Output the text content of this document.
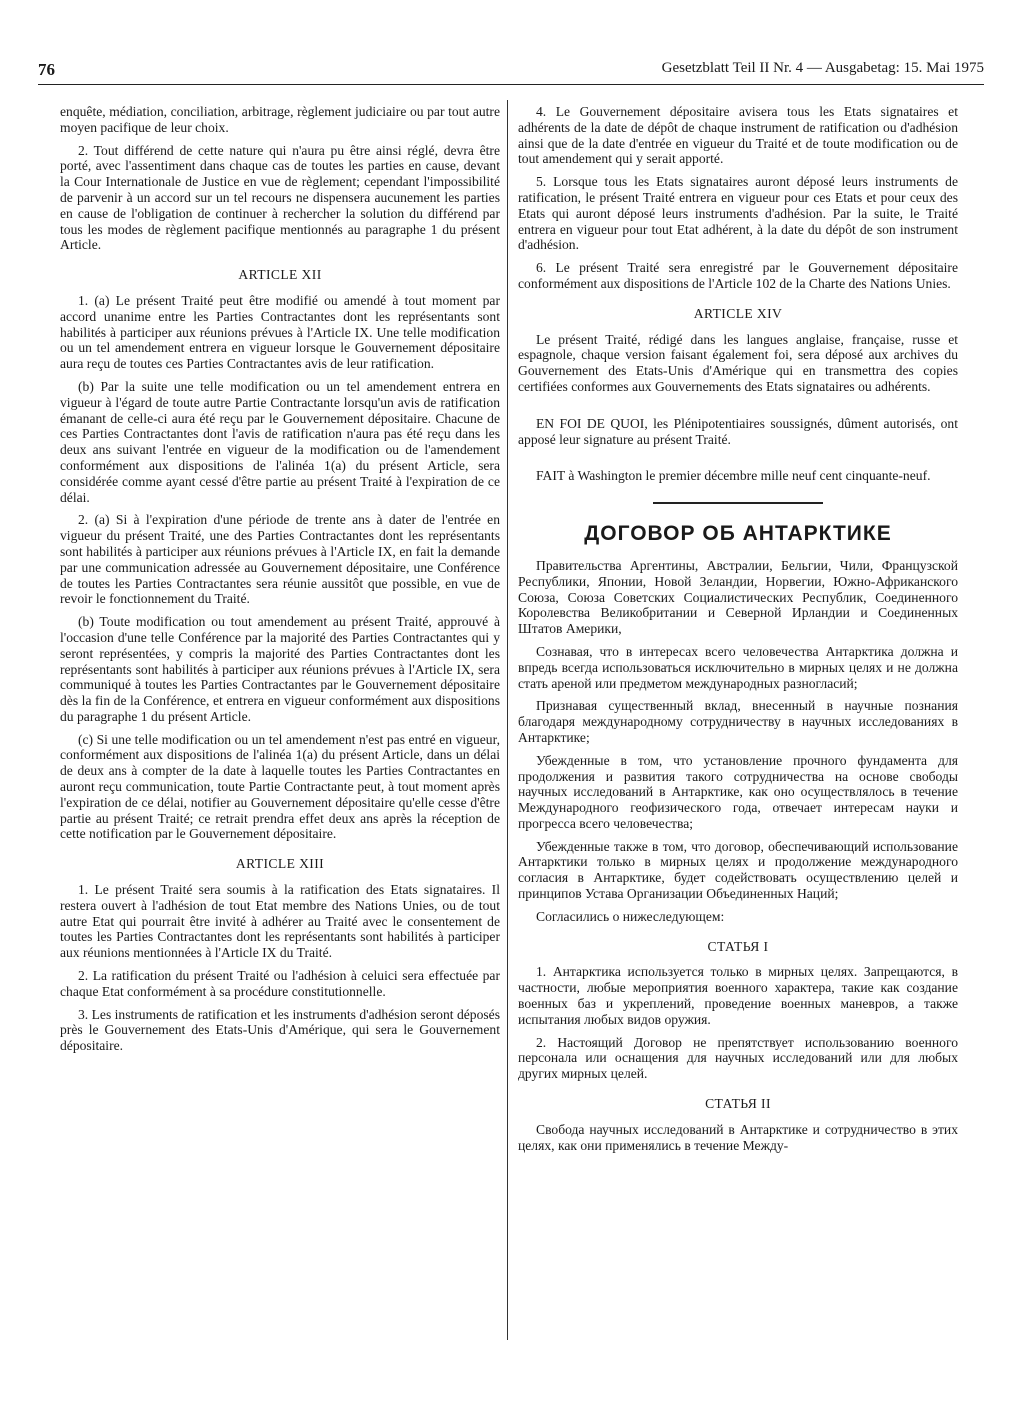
76	Gesetzblatt Teil II Nr. 4 — Ausgabetag: 15. Mai 1975

enquête, médiation, conciliation, arbitrage, règlement judiciaire ou par tout autre moyen pacifique de leur choix.

2. Tout différend de cette nature qui n'aura pu être ainsi réglé, devra être porté, avec l'assentiment dans chaque cas de toutes les parties en cause, devant la Cour Internationale de Justice en vue de règlement; cependant l'impossibilité de parvenir à un accord sur un tel recours ne dispensera aucunement les parties en cause de l'obligation de continuer à rechercher la solution du différend par tous les modes de règlement pacifique mentionnés au paragraphe 1 du présent Article.

ARTICLE XII

1. (a) Le présent Traité peut être modifié ou amendé à tout moment par accord unanime entre les Parties Contractantes dont les représentants sont habilités à participer aux réunions prévues à l'Article IX. Une telle modification ou un tel amendement entrera en vigueur lorsque le Gouvernement dépositaire aura reçu de toutes ces Parties Contractantes avis de leur ratification.

(b) Par la suite une telle modification ou un tel amendement entrera en vigueur à l'égard de toute autre Partie Contractante lorsqu'un avis de ratification émanant de celle-ci aura été reçu par le Gouvernement dépositaire. Chacune de ces Parties Contractantes dont l'avis de ratification n'aura pas été reçu dans les deux ans suivant l'entrée en vigueur de la modification ou de l'amendement conformément aux dispositions de l'alinéa 1(a) du présent Article, sera considérée comme ayant cessé d'être partie au présent Traité à l'expiration de ce délai.

2. (a) Si à l'expiration d'une période de trente ans à dater de l'entrée en vigueur du présent Traité, une des Parties Contractantes dont les représentants sont habilités à participer aux réunions prévues à l'Article IX, en fait la demande par une communication adressée au Gouvernement dépositaire, une Conférence de toutes les Parties Contractantes sera réunie aussitôt que possible, en vue de revoir le fonctionnement du Traité.

(b) Toute modification ou tout amendement au présent Traité, approuvé à l'occasion d'une telle Conférence par la majorité des Parties Contractantes qui y seront représentées, y compris la majorité des Parties Contractantes dont les représentants sont habilités à participer aux réunions prévues à l'Article IX, sera communiqué à toutes les Parties Contractantes par le Gouvernement dépositaire dès la fin de la Conférence, et entrera en vigueur conformément aux dispositions du paragraphe 1 du présent Article.

(c) Si une telle modification ou un tel amendement n'est pas entré en vigueur, conformément aux dispositions de l'alinéa 1(a) du présent Article, dans un délai de deux ans à compter de la date à laquelle toutes les Parties Contractantes en auront reçu communication, toute Partie Contractante peut, à tout moment après l'expiration de ce délai, notifier au Gouvernement dépositaire qu'elle cesse d'être partie au présent Traité; ce retrait prendra effet deux ans après la réception de cette notification par le Gouvernement dépositaire.

ARTICLE XIII

1. Le présent Traité sera soumis à la ratification des Etats signataires. Il restera ouvert à l'adhésion de tout Etat membre des Nations Unies, ou de tout autre Etat qui pourrait être invité à adhérer au Traité avec le consentement de toutes les Parties Contractantes dont les représentants sont habilités à participer aux réunions mentionnées à l'Article IX du Traité.

2. La ratification du présent Traité ou l'adhésion à celuici sera effectuée par chaque Etat conformément à sa procédure constitutionnelle.

3. Les instruments de ratification et les instruments d'adhésion seront déposés près le Gouvernement des Etats-Unis d'Amérique, qui sera le Gouvernement dépositaire.

4. Le Gouvernement dépositaire avisera tous les Etats signataires et adhérents de la date de dépôt de chaque instrument de ratification ou d'adhésion ainsi que de la date d'entrée en vigueur du Traité et de toute modification ou de tout amendement qui y serait apporté.

5. Lorsque tous les Etats signataires auront déposé leurs instruments de ratification, le présent Traité entrera en vigueur pour ces Etats et pour ceux des Etats qui auront déposé leurs instruments d'adhésion. Par la suite, le Traité entrera en vigueur pour tout Etat adhérent, à la date du dépôt de son instrument d'adhésion.

6. Le présent Traité sera enregistré par le Gouvernement dépositaire conformément aux dispositions de l'Article 102 de la Charte des Nations Unies.

ARTICLE XIV

Le présent Traité, rédigé dans les langues anglaise, française, russe et espagnole, chaque version faisant également foi, sera déposé aux archives du Gouvernement des Etats-Unis d'Amérique qui en transmettra des copies certifiées conformes aux Gouvernements des Etats signataires ou adhérents.

EN FOI DE QUOI, les Plénipotentiaires soussignés, dûment autorisés, ont apposé leur signature au présent Traité.

FAIT à Washington le premier décembre mille neuf cent cinquante-neuf.

ДОГОВОР ОБ АНТАРКТИКЕ

Правительства Аргентины, Австралии, Бельгии, Чили, Французской Республики, Японии, Новой Зеландии, Норвегии, Южно-Африканского Союза, Союза Советских Социалистических Республик, Соединенного Королевства Великобритании и Северной Ирландии и Соединенных Штатов Америки,

Сознавая, что в интересах всего человечества Антарктика должна и впредь всегда использоваться исключительно в мирных целях и не должна стать ареной или предметом международных разногласий;

Признавая существенный вклад, внесенный в научные познания благодаря международному сотрудничеству в научных исследованиях в Антарктике;

Убежденные в том, что установление прочного фундамента для продолжения и развития такого сотрудничества на основе свободы научных исследований в Антарктике, как оно осуществлялось в течение Международного геофизического года, отвечает интересам науки и прогресса всего человечества;

Убежденные также в том, что договор, обеспечивающий использование Антарктики только в мирных целях и продолжение международного согласия в Антарктике, будет содействовать осуществлению целей и принципов Устава Организации Объединенных Наций;

Согласились о нижеследующем:

СТАТЬЯ I

1. Антарктика используется только в мирных целях. Запрещаются, в частности, любые мероприятия военного характера, такие как создание военных баз и укреплений, проведение военных маневров, а также испытания любых видов оружия.

2. Настоящий Договор не препятствует использованию военного персонала или оснащения для научных исследований или для любых других мирных целей.

СТАТЬЯ II

Свобода научных исследований в Антарктике и сотрудничество в этих целях, как они применялись в течение Между-
